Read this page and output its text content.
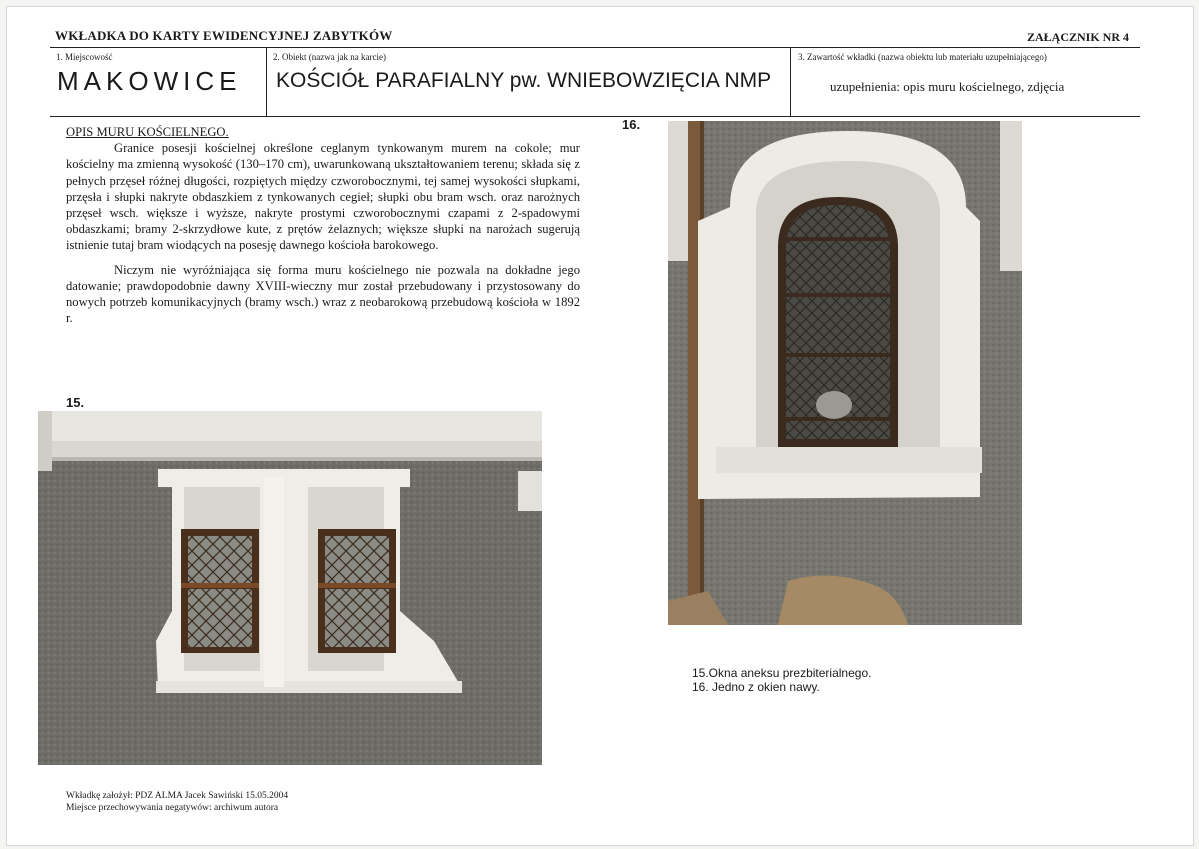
WKŁADKA DO KARTY EWIDENCYJNEJ ZABYTKÓW	ZAŁĄCZNIK NR 4
1. Miejscowość
MAKOWICE
2. Obiekt (nazwa jak na karcie)
KOŚCIÓŁ PARAFIALNY pw. WNIEBOWZIĘCIA NMP
3. Zawartość wkładki (nazwa obiektu lub materiału uzupełniającego)
uzupełnienia: opis muru kościelnego, zdjęcia

OPIS MURU KOŚCIELNEGO.

Granice posesji kościelnej określone ceglanym tynkowanym murem na cokole; mur kościelny ma zmienną wysokość (130–170 cm), uwarunkowaną ukształtowaniem terenu; składa się z pełnych przęseł różnej długości, rozpiętych między czworobocznymi, tej samej wysokości słupkami, przęsła i słupki nakryte obdaszkiem z tynkowanych cegieł; słupki obu bram wsch. oraz narożnych przęseł wsch. większe i wyższe, nakryte prostymi czworobocznymi czapami z 2-spadowymi obdaszkami; bramy 2-skrzydłowe kute, z prętów żelaznych; większe słupki na narożach sugerują istnienie tutaj bram wiodących na posesję dawnego kościoła barokowego.

Niczym nie wyróżniająca się forma muru kościelnego nie pozwala na dokładne jego datowanie; prawdopodobnie dawny XVIII-wieczny mur został przebudowany i przystosowany do nowych potrzeb komunikacyjnych (bramy wsch.) wraz z neobarokową przebudową kościoła w 1892 r.

15.
16.
15.Okna aneksu prezbiterialnego.
16. Jedno z okien nawy.
Wkładkę założył: PDZ ALMA Jacek Sawiński 15.05.2004
Miejsce przechowywania negatywów: archiwum autora
